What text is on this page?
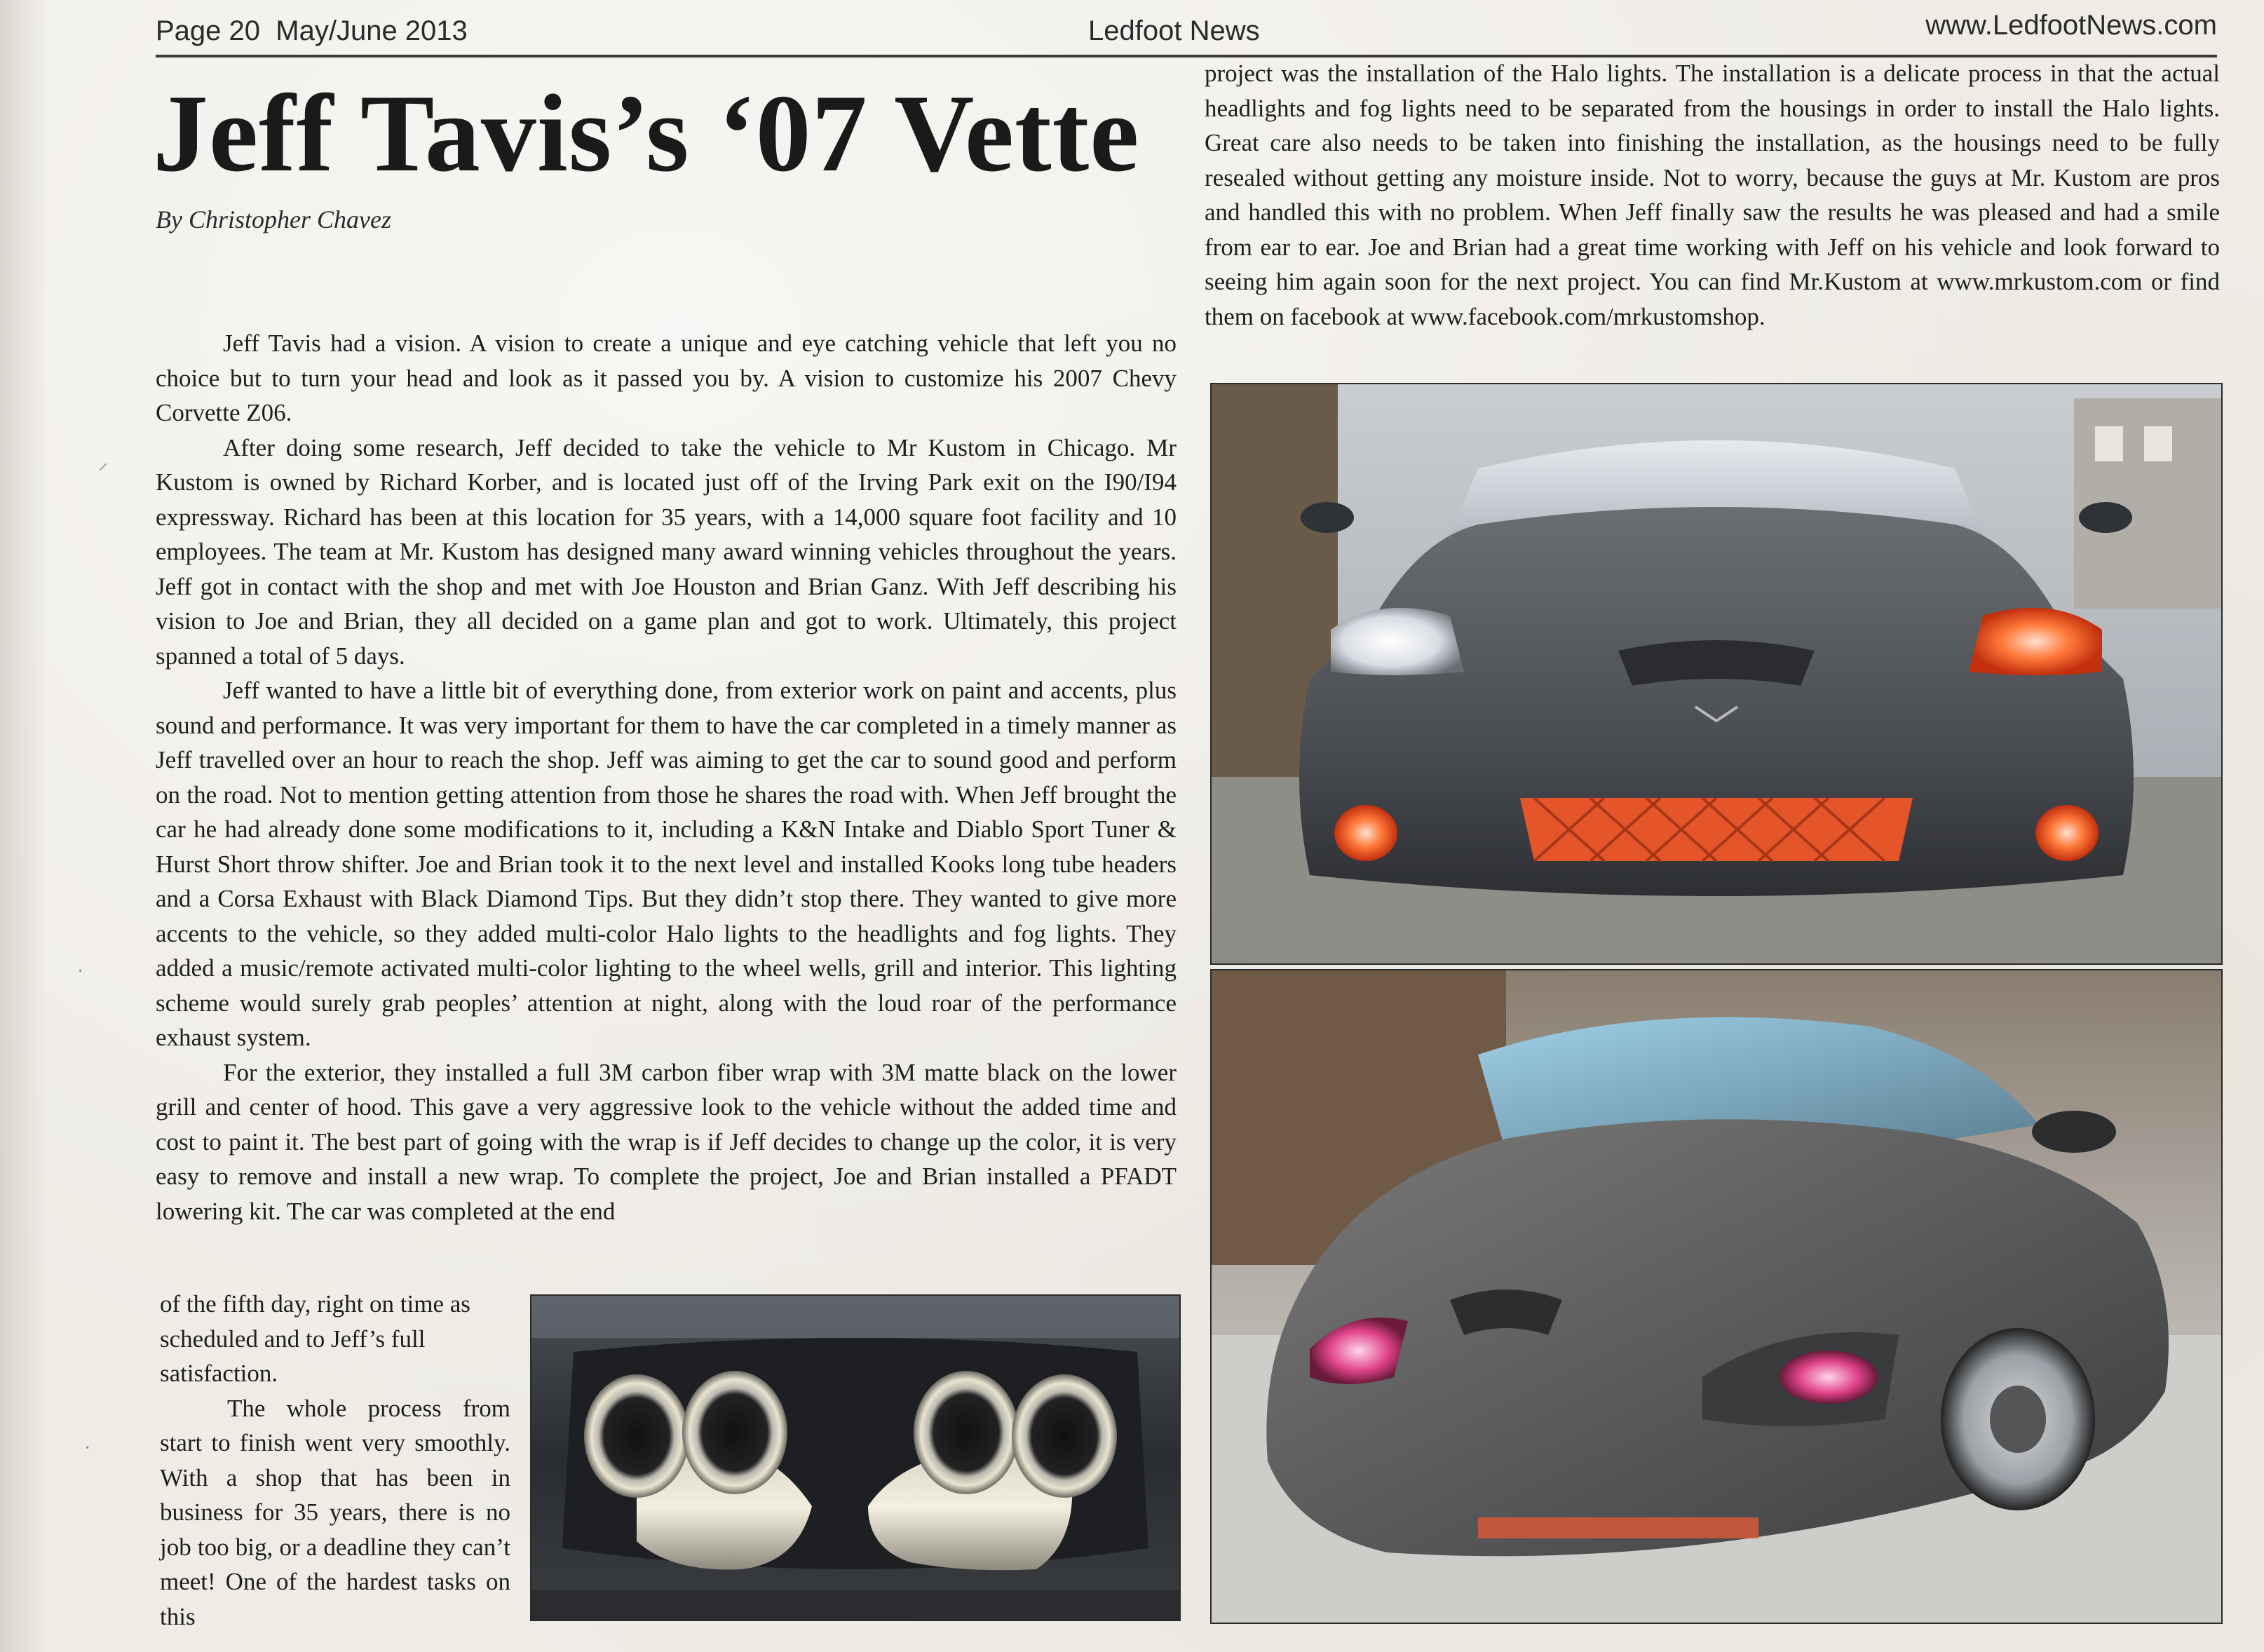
Page 20 May/June 2013	Ledfoot News	www.LedfootNews.com
Jeff Tavis’s ‘07 Vette
By Christopher Chavez

Jeff Tavis had a vision. A vision to create a unique and eye catching vehicle that left you no choice but to turn your head and look as it passed you by. A vision to customize his 2007 Chevy Corvette Z06.

After doing some research, Jeff decided to take the vehicle to Mr Kustom in Chicago. Mr Kustom is owned by Richard Korber, and is located just off of the Irving Park exit on the I90/I94 expressway. Richard has been at this location for 35 years, with a 14,000 square foot facility and 10 employees. The team at Mr. Kustom has designed many award winning vehicles throughout the years. Jeff got in contact with the shop and met with Joe Houston and Brian Ganz. With Jeff describing his vision to Joe and Brian, they all decided on a game plan and got to work. Ultimately, this project spanned a total of 5 days.

Jeff wanted to have a little bit of everything done, from exterior work on paint and accents, plus sound and performance. It was very important for them to have the car completed in a timely manner as Jeff travelled over an hour to reach the shop. Jeff was aiming to get the car to sound good and perform on the road. Not to mention getting attention from those he shares the road with. When Jeff brought the car he had already done some modifications to it, including a K&N Intake and Diablo Sport Tuner & Hurst Short throw shifter. Joe and Brian took it to the next level and installed Kooks long tube headers and a Corsa Exhaust with Black Diamond Tips. But they didn’t stop there. They wanted to give more accents to the vehicle, so they added multi-color Halo lights to the headlights and fog lights. They added a music/remote activated multi-color lighting to the wheel wells, grill and interior. This lighting scheme would surely grab peoples’ attention at night, along with the loud roar of the performance exhaust system.

For the exterior, they installed a full 3M carbon fiber wrap with 3M matte black on the lower grill and center of hood. This gave a very aggressive look to the vehicle without the added time and cost to paint it. The best part of going with the wrap is if Jeff decides to change up the color, it is very easy to remove and install a new wrap. To complete the project, Joe and Brian installed a PFADT lowering kit. The car was completed at the end

of the fifth day, right on time as scheduled and to Jeff’s full satisfaction.

The whole process from start to finish went very smoothly. With a shop that has been in business for 35 years, there is no job too big, or a deadline they can’t meet! One of the hardest tasks on this

project was the installation of the Halo lights. The installation is a delicate process in that the actual headlights and fog lights need to be separated from the housings in order to install the Halo lights. Great care also needs to be taken into finishing the installation, as the housings need to be fully resealed without getting any moisture inside. Not to worry, because the guys at Mr. Kustom are pros and handled this with no problem. When Jeff finally saw the results he was pleased and had a smile from ear to ear. Joe and Brian had a great time working with Jeff on his vehicle and look forward to seeing him again soon for the next project. You can find Mr.Kustom at www.mrkustom.com or find them on facebook at www.facebook.com/mrkustomshop.

⸝
·
·
